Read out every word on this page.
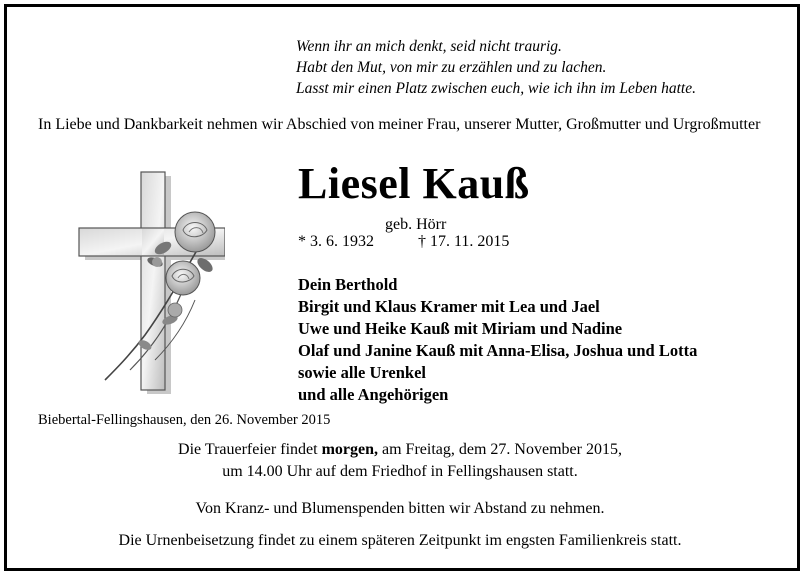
Wenn ihr an mich denkt, seid nicht traurig.
Habt den Mut, von mir zu erzählen und zu lachen.
Lasst mir einen Platz zwischen euch, wie ich ihn im Leben hatte.
In Liebe und Dankbarkeit nehmen wir Abschied von meiner Frau, unserer Mutter, Großmutter und Urgroßmutter
Liesel Kauß
geb. Hörr
* 3. 6. 1932	† 17. 11. 2015
Dein Berthold
Birgit und Klaus Kramer mit Lea und Jael
Uwe und Heike Kauß mit Miriam und Nadine
Olaf und Janine Kauß mit Anna-Elisa, Joshua und Lotta
sowie alle Urenkel
und alle Angehörigen
Biebertal-Fellingshausen, den 26. November 2015
Die Trauerfeier findet morgen, am Freitag, dem 27. November 2015,
um 14.00 Uhr auf dem Friedhof in Fellingshausen statt.
Von Kranz- und Blumenspenden bitten wir Abstand zu nehmen.
Die Urnenbeisetzung findet zu einem späteren Zeitpunkt im engsten Familienkreis statt.
